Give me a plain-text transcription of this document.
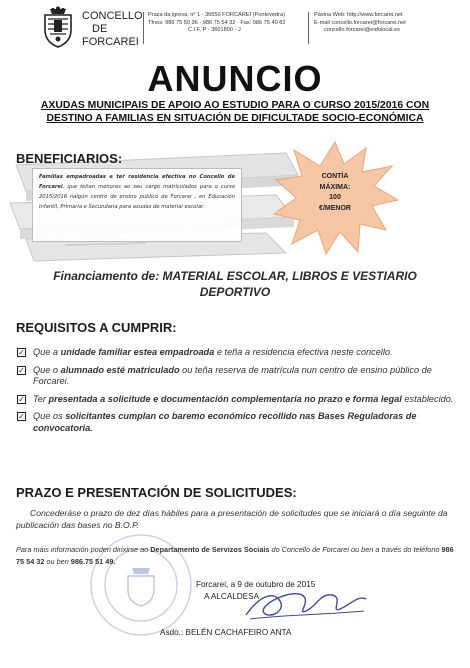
CONCELLO
DE
FORCAREI
Praza da igrexa, nº 1 · 36550 FORCAREI (Pontevedra)
Tfnos: 986 75 50 36 · 986 75 54 32 · Fax: 986 75 40 82
C.I.F. P - 3601800 - J
Páxina Web: http://www.forcarei.net
E-mail concello.forcarei@forcarei.net
concello.forcarei@eidolocal.es
ANUNCIO
AXUDAS MUNICIPAIS DE APOIO AO ESTUDIO PARA O CURSO 2015/2016 CON
DESTINO A FAMILIAS EN SITUACIÓN DE DIFICULTADE SOCIO-ECONÓMICA
BENEFICIARIOS:
Familias empadroadas e ter residencia efectiva no Concello de Forcarei, que teñan menores ao seu cargo matriculados para o curso 2015/2016 nalgún centro de ensino público de Forcarei , en Educación Infantil, Primaria e Secundaria para axudas de material escolar.
CONTÍA
MÁXIMA:
100
€/MENOR
Financiamento de: MATERIAL ESCOLAR, LIBROS E VESTIARIO
DEPORTIVO
REQUISITOS A CUMPRIR:
✓ Que a unidade familiar estea empadroada e teña a residencia efectiva neste concello.
✓ Que o alumnado esté matriculado ou teña reserva de matrícula nun centro de ensino público de Forcarei.
✓ Ter presentada a solicitude e documentación complementaria no prazo e forma legal establecido.
✓ Que os solicitantes cumplan co baremo económico recollido nas Bases Reguladoras de convocatoria.
PRAZO E PRESENTACIÓN DE SOLICITUDES:
Concederáse o prazo de dez días hábiles para a presentación de solicitudes que se iniciará o día seguinte da publicación das bases no B.O.P.
Para máis información poden dirixirse ao Departamento de Servizos Sociais do Concello de Forcarei ou ben a través do teléfono 986 75 54 32 ou ben 986.75 51 49.
Forcarei, a 9 de outubro de 2015
A ALCALDESA
Asdo.: BELÉN CACHAFEIRO ANTA
